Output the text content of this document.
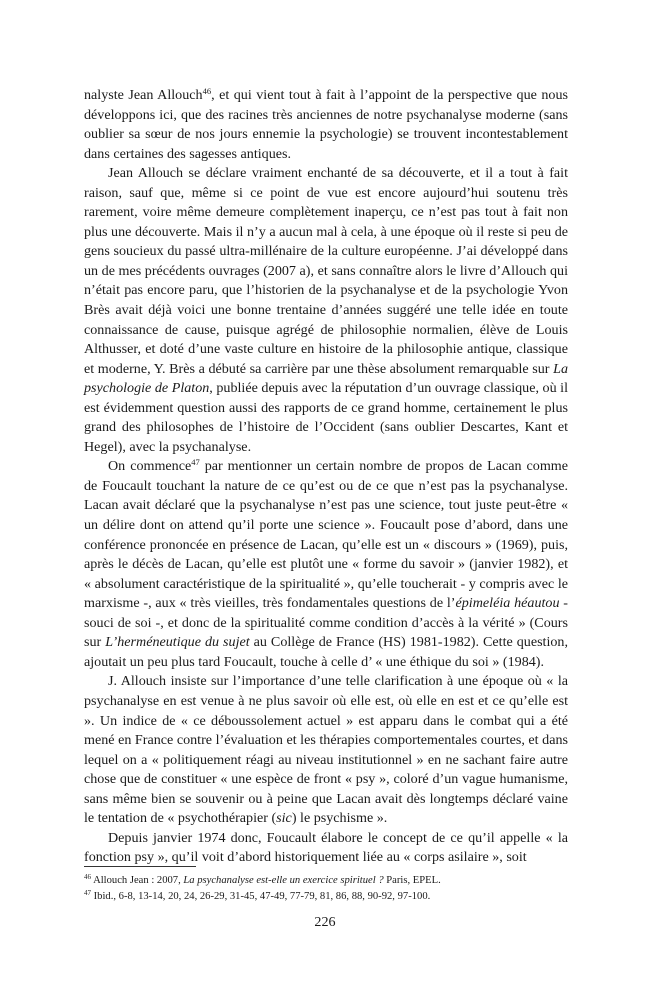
nalyste Jean Allouch$^{46}$, et qui vient tout à fait à l’appoint de la perspective que nous développons ici, que des racines très anciennes de notre psychanalyse moderne (sans oublier sa sœur de nos jours ennemie la psychologie) se trouvent incontestablement dans certaines des sagesses antiques.

Jean Allouch se déclare vraiment enchanté de sa découverte, et il a tout à fait raison, sauf que, même si ce point de vue est encore aujourd’hui soutenu très rarement, voire même demeure complètement inaperçu, ce n’est pas tout à fait non plus une découverte. Mais il n’y a aucun mal à cela, à une époque où il reste si peu de gens soucieux du passé ultra-millénaire de la culture européenne. J’ai développé dans un de mes précédents ouvrages (2007 a), et sans connaître alors le livre d’Allouch qui n’était pas encore paru, que l’historien de la psychanalyse et de la psychologie Yvon Brès avait déjà voici une bonne trentaine d’années suggéré une telle idée en toute connaissance de cause, puisque agrégé de philosophie normalien, élève de Louis Althusser, et doté d’une vaste culture en histoire de la philosophie antique, classique et moderne, Y. Brès a débuté sa carrière par une thèse absolument remarquable sur La psychologie de Platon, publiée depuis avec la réputation d’un ouvrage classique, où il est évidemment question aussi des rapports de ce grand homme, certainement le plus grand des philosophes de l’histoire de l’Occident (sans oublier Descartes, Kant et Hegel), avec la psychanalyse.

On commence$^{47}$ par mentionner un certain nombre de propos de Lacan comme de Foucault touchant la nature de ce qu’est ou de ce que n’est pas la psychanalyse. Lacan avait déclaré que la psychanalyse n’est pas une science, tout juste peut-être « un délire dont on attend qu’il porte une science ». Foucault pose d’abord, dans une conférence prononcée en présence de Lacan, qu’elle est un « discours » (1969), puis, après le décès de Lacan, qu’elle est plutôt une « forme du savoir » (janvier 1982), et « absolument caractéristique de la spiritualité », qu’elle toucherait - y compris avec le marxisme -, aux « très vieilles, très fondamentales questions de l’épimeléia héautou - souci de soi -, et donc de la spiritualité comme condition d’accès à la vérité » (Cours sur L’herméneutique du sujet au Collège de France (HS) 1981-1982). Cette question, ajoutait un peu plus tard Foucault, touche à celle d’ « une éthique du soi » (1984).

J. Allouch insiste sur l’importance d’une telle clarification à une époque où « la psychanalyse en est venue à ne plus savoir où elle est, où elle en est et ce qu’elle est ». Un indice de « ce déboussolement actuel » est apparu dans le combat qui a été mené en France contre l’évaluation et les thérapies comportementales courtes, et dans lequel on a « politiquement réagi au niveau institutionnel » en ne sachant faire autre chose que de constituer « une espèce de front « psy », coloré d’un vague humanisme, sans même bien se souvenir ou à peine que Lacan avait dès longtemps déclaré vaine le tentation de « psychothérapier (sic) le psychisme ».

Depuis janvier 1974 donc, Foucault élabore le concept de ce qu’il appelle « la fonction psy », qu’il voit d’abord historiquement liée au « corps asilaire », soit

$^{46}$ Allouch Jean : 2007, La psychanalyse est-elle un exercice spirituel ? Paris, EPEL.
$^{47}$ Ibid., 6-8, 13-14, 20, 24, 26-29, 31-45, 47-49, 77-79, 81, 86, 88, 90-92, 97-100.
226
